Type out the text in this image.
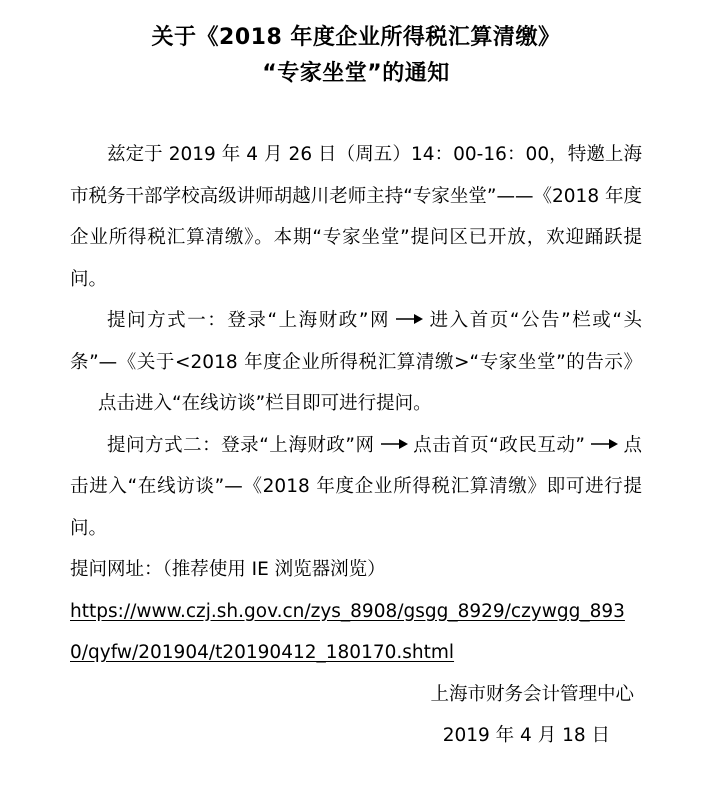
关于《2018 年度企业所得税汇算清缴》
“专家坐堂”的通知

兹定于 2019 年 4 月 26 日（周五）14：00-16：00，特邀上海市税务干部学校高级讲师胡越川老师主持“专家坐堂”——《2018 年度企业所得税汇算清缴》。本期“专家坐堂”提问区已开放，欢迎踊跃提问。

提问方式一：登录“上海财政”网 进入首页“公告”栏或“头条”—《关于<2018 年度企业所得税汇算清缴>“专家坐堂”的告示》点击进入“在线访谈”栏目即可进行提问。

提问方式二：登录“上海财政”网 点击首页“政民互动” 点击进入“在线访谈”—《2018 年度企业所得税汇算清缴》即可进行提问。

提问网址：（推荐使用 IE 浏览器浏览）

https://www.czj.sh.gov.cn/zys_8908/gsgg_8929/czywgg_8930/qyfw/201904/t20190412_180170.shtml

上海市财务会计管理中心

2019 年 4 月 18 日
